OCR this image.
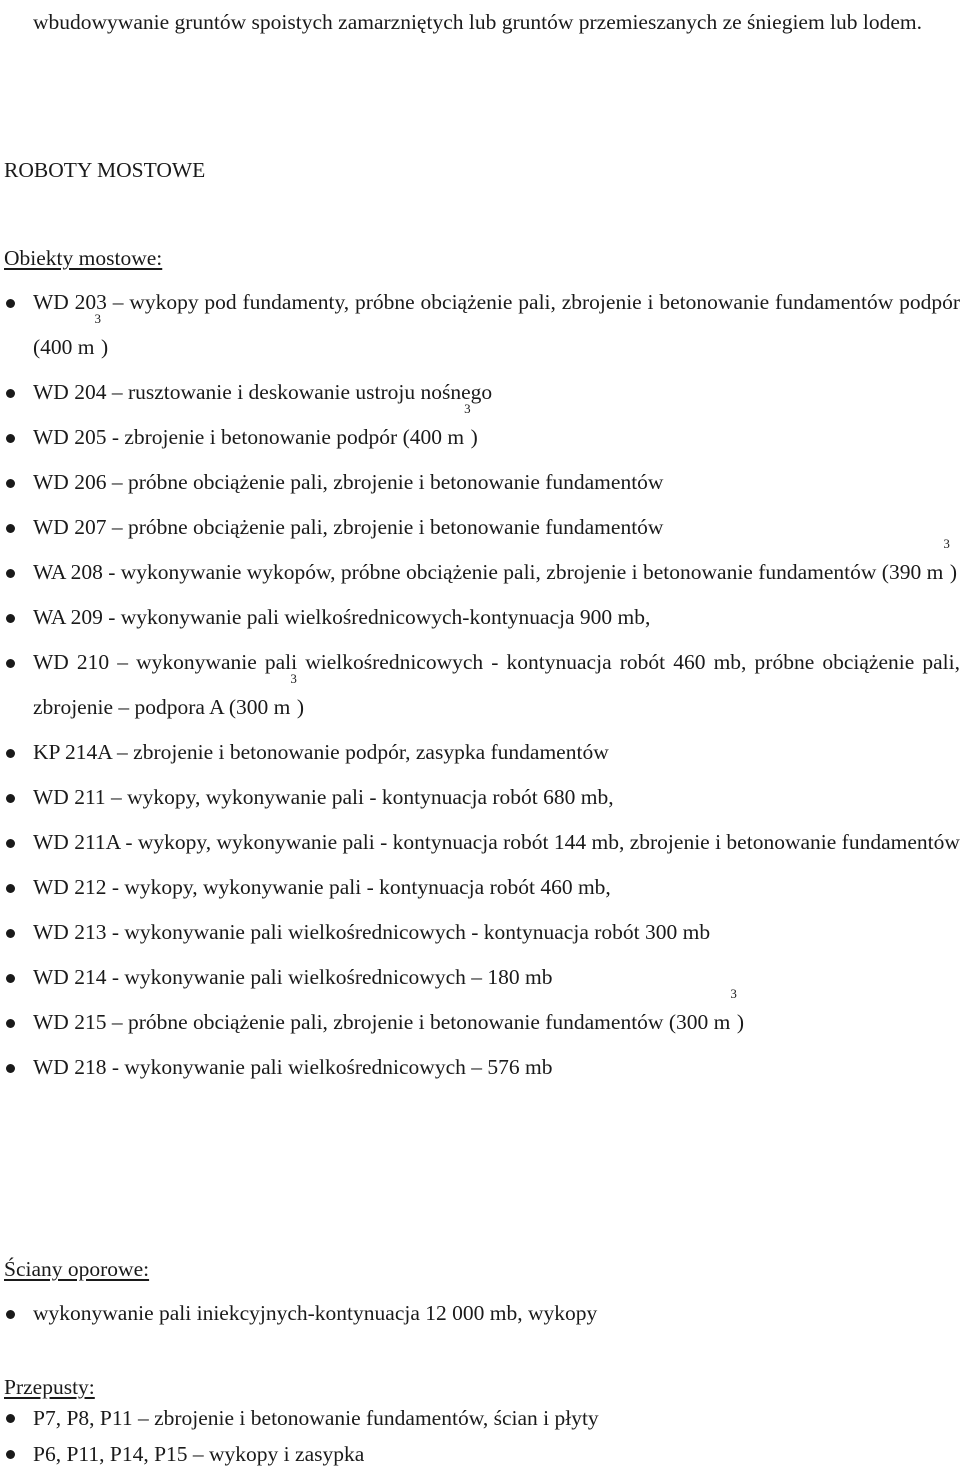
wbudowywanie gruntów spoistych zamarzniętych lub gruntów przemieszanych ze śniegiem lub lodem.
ROBOTY MOSTOWE
Obiekty mostowe:
WD 203 – wykopy pod fundamenty, próbne obciążenie pali, zbrojenie i betonowanie fundamentów podpór (400 $m^3$)
WD 204 – rusztowanie i deskowanie ustroju nośnego
WD 205 - zbrojenie i betonowanie podpór (400 $m^3$)
WD 206 – próbne obciążenie pali, zbrojenie i betonowanie fundamentów
WD 207 – próbne obciążenie pali, zbrojenie i betonowanie fundamentów
WA 208 - wykonywanie wykopów, próbne obciążenie pali, zbrojenie i betonowanie fundamentów (390 $m^3$)
WA 209 - wykonywanie pali wielkośrednicowych-kontynuacja 900 mb,
WD 210 – wykonywanie pali wielkośrednicowych - kontynuacja robót 460 mb, próbne obciążenie pali, zbrojenie – podpora A (300 $m^3$)
KP 214A – zbrojenie i betonowanie podpór, zasypka fundamentów
WD 211 – wykopy, wykonywanie pali - kontynuacja robót 680 mb,
WD 211A - wykopy, wykonywanie pali - kontynuacja robót 144 mb, zbrojenie i betonowanie fundamentów
WD 212 - wykopy, wykonywanie pali - kontynuacja robót 460 mb,
WD 213 - wykonywanie pali wielkośrednicowych - kontynuacja robót 300 mb
WD 214 - wykonywanie pali wielkośrednicowych – 180 mb
WD 215 – próbne obciążenie pali, zbrojenie i betonowanie fundamentów (300 $m^3$)
WD 218 - wykonywanie pali wielkośrednicowych – 576 mb
Ściany oporowe:
wykonywanie pali iniekcyjnych-kontynuacja 12 000 mb, wykopy
Przepusty:
P7, P8, P11 – zbrojenie i betonowanie fundamentów, ścian i płyty
P6, P11, P14, P15 – wykopy i zasypka
